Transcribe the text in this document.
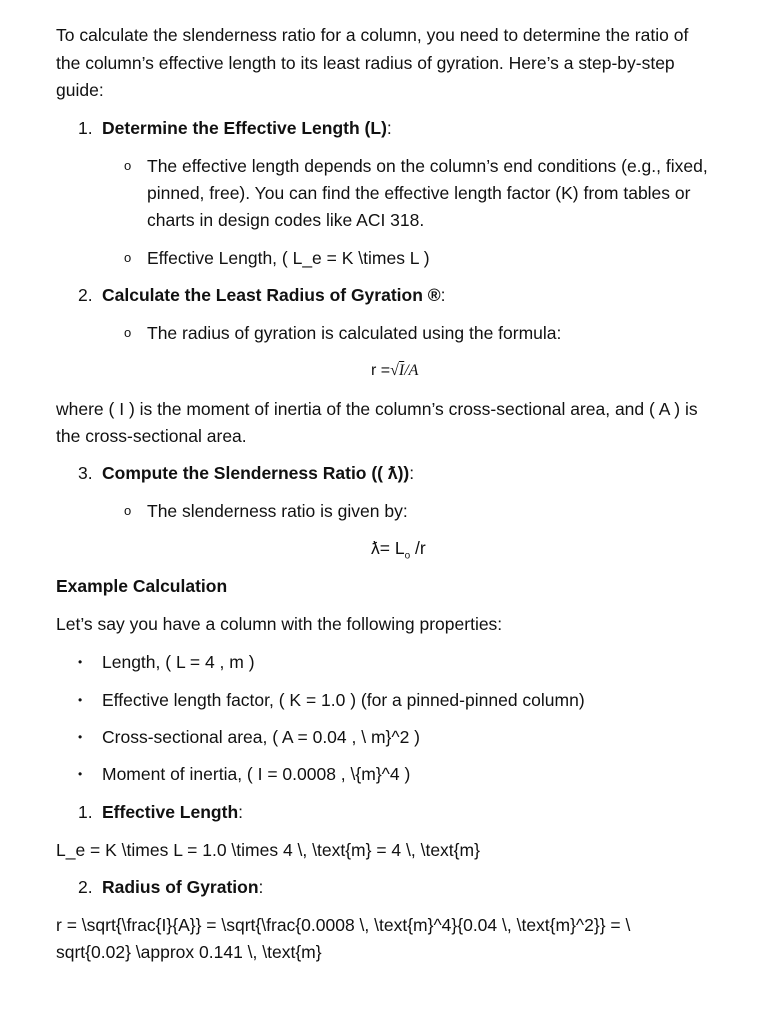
To calculate the slenderness ratio for a column, you need to determine the ratio of
the column’s effective length to its least radius of gyration. Here’s a step-by-step
guide:
1. Determine the Effective Length (L):
o The effective length depends on the column’s end conditions (e.g., fixed,
pinned, free). You can find the effective length factor (K) from tables or
charts in design codes like ACI 318.
o Effective Length, ( L_e = K \times L )
2. Calculate the Least Radius of Gyration ®:
o The radius of gyration is calculated using the formula:
r =√I/A
where ( I ) is the moment of inertia of the column’s cross-sectional area, and ( A ) is
the cross-sectional area.
3. Compute the Slenderness Ratio (( ƛ)):
o The slenderness ratio is given by:
ƛ= $L_o$ /r
Example Calculation
Let’s say you have a column with the following properties:
• Length, ( L = 4 , m )
• Effective length factor, ( K = 1.0 ) (for a pinned-pinned column)
• Cross-sectional area, ( A = 0.04 , \ m}^2 )
• Moment of inertia, ( I = 0.0008 , \{m}^4 )
1. Effective Length:
L_e = K \times L = 1.0 \times 4 \, \text{m} = 4 \, \text{m}
2. Radius of Gyration:
r = \sqrt{\frac{I}{A}} = \sqrt{\frac{0.0008 \, \text{m}^4}{0.04 \, \text{m}^2}} = \
sqrt{0.02} \approx 0.141 \, \text{m}
